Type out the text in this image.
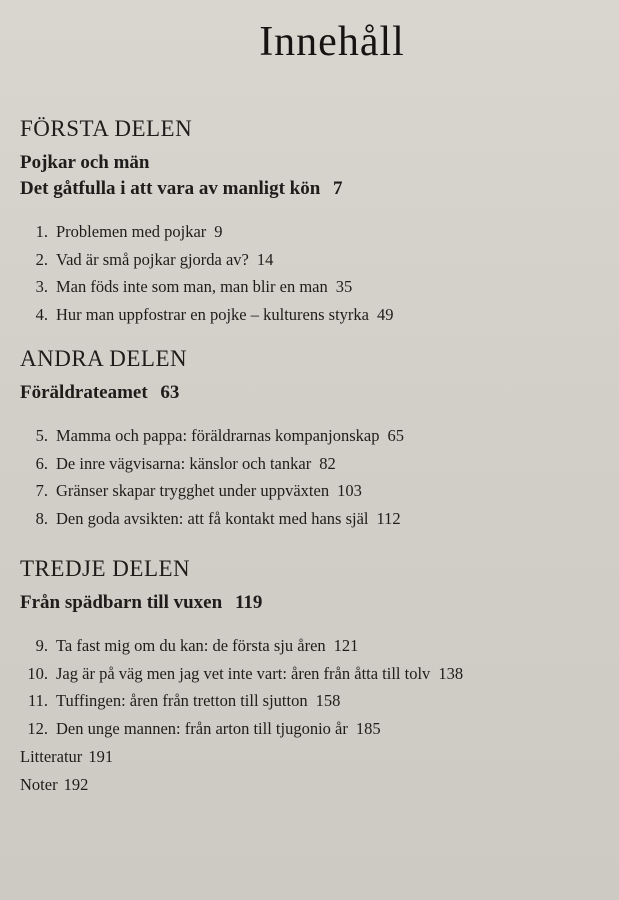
Innehåll

FÖRSTA DELEN

Pojkar och män

Det gåtfulla i att vara av manligt kön 7

1. Problemen med pojkar 9
2. Vad är små pojkar gjorda av? 14
3. Man föds inte som man, man blir en man 35
4. Hur man uppfostrar en pojke – kulturens styrka 49

ANDRA DELEN

Föräldrateamet 63

5. Mamma och pappa: föräldrarnas kompanjonskap 65
6. De inre vägvisarna: känslor och tankar 82
7. Gränser skapar trygghet under uppväxten 103
8. Den goda avsikten: att få kontakt med hans själ 112

TREDJE DELEN

Från spädbarn till vuxen 119

9. Ta fast mig om du kan: de första sju åren 121
10. Jag är på väg men jag vet inte vart: åren från åtta till tolv 138
11. Tuffingen: åren från tretton till sjutton 158
12. Den unge mannen: från arton till tjugonio år 185
Litteratur 191
Noter 192
